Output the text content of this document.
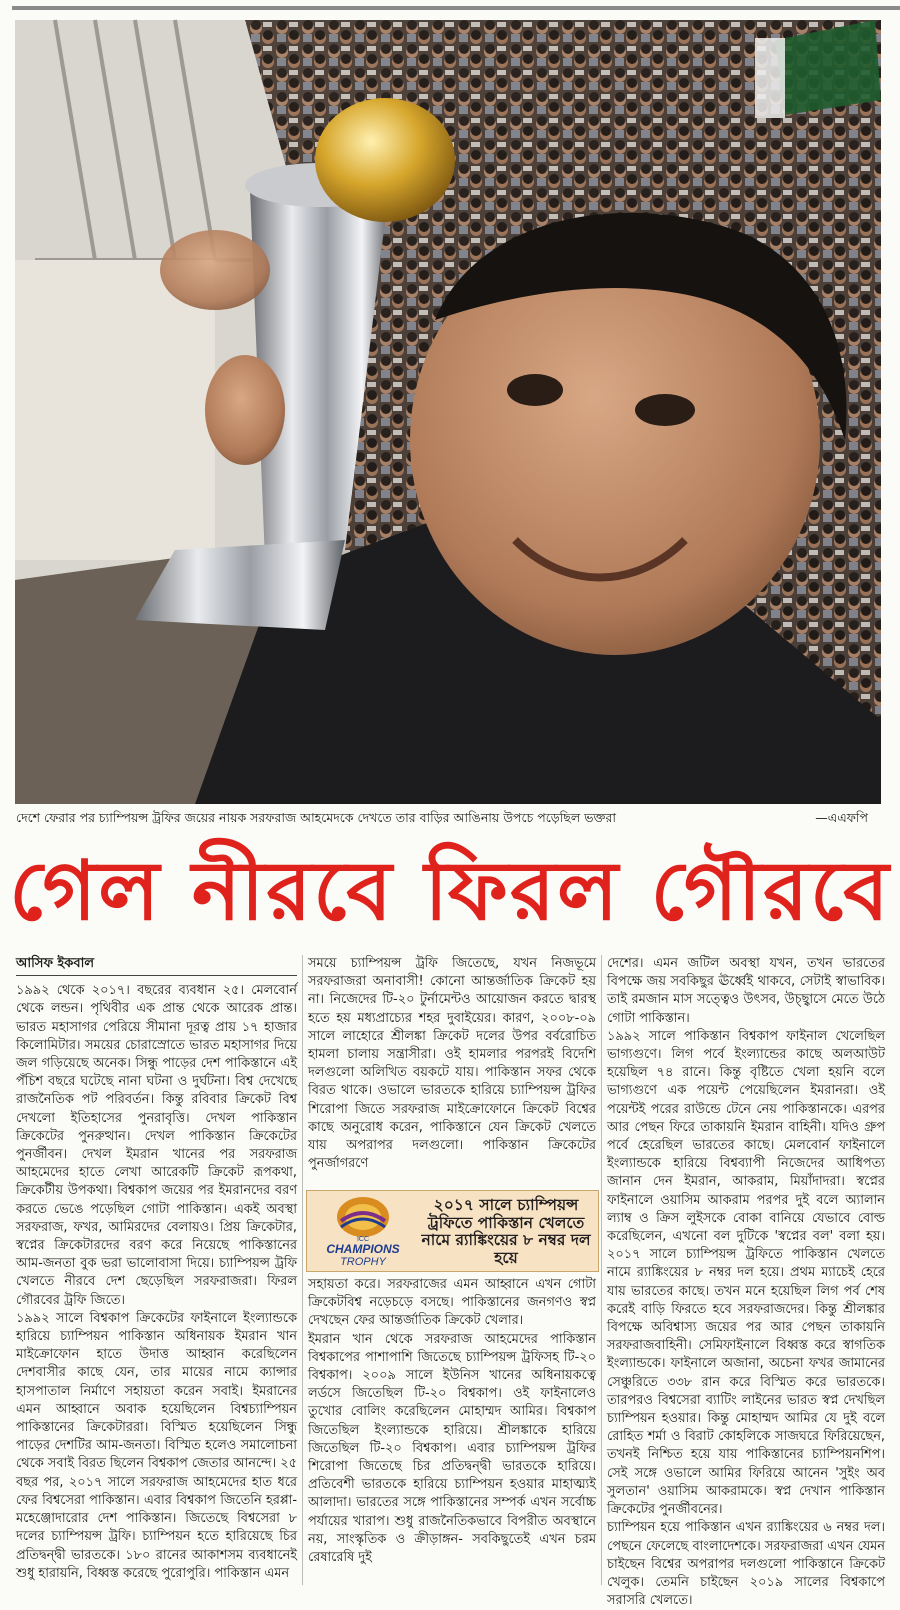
দেশে ফেরার পর চ্যাম্পিয়ন্স ট্রফির জয়ের নায়ক সরফরাজ আহমেদকে দেখতে তার বাড়ির আঙিনায় উপচে পড়েছিল ভক্তরা	—এএফপি
গেল নীরবে ফিরল গৌরবে
আসিফ ইকবাল

১৯৯২ থেকে ২০১৭। বছরের ব্যবধান ২৫। মেলবোর্ন থেকে লন্ডন। পৃথিবীর এক প্রান্ত থেকে আরেক প্রান্ত। ভারত মহাসাগর পেরিয়ে সীমানা দূরত্ব প্রায় ১৭ হাজার কিলোমিটার। সময়ের চোরাস্রোতে ভারত মহাসাগর দিয়ে জল গড়িয়েছে অনেক। সিন্ধু পাড়ের দেশ পাকিস্তানে এই পঁচিশ বছরে ঘটেছে নানা ঘটনা ও দুর্ঘটনা। বিশ্ব দেখেছে রাজনৈতিক পট পরিবর্তন। কিন্তু রবিবার ক্রিকেট বিশ্ব দেখলো ইতিহাসের পুনরাবৃত্তি। দেখল পাকিস্তান ক্রিকেটের পুনরুত্থান। দেখল পাকিস্তান ক্রিকেটের পুনর্জীবন। দেখল ইমরান খানের পর সরফরাজ আহমেদের হাতে লেখা আরেকটি ক্রিকেট রূপকথা, ক্রিকেটীয় উপকথা। বিশ্বকাপ জয়ের পর ইমরানদের বরণ করতে ভেঙে পড়েছিল গোটা পাকিস্তান। একই অবস্থা সরফরাজ, ফখর, আমিরদের বেলায়ও। প্রিয় ক্রিকেটার, স্বপ্নের ক্রিকেটারদের বরণ করে নিয়েছে পাকিস্তানের আম-জনতা বুক ভরা ভালোবাসা দিয়ে। চ্যাম্পিয়ন্স ট্রফি খেলতে নীরবে দেশ ছেড়েছিল সরফরাজরা। ফিরল গৌরবের ট্রফি জিতে।
১৯৯২ সালে বিশ্বকাপ ক্রিকেটের ফাইনালে ইংল্যান্ডকে হারিয়ে চ্যাম্পিয়ন পাকিস্তান অধিনায়ক ইমরান খান মাইক্রোফোন হাতে উদাত্ত আহ্বান করেছিলেন দেশবাসীর কাছে যেন, তার মায়ের নামে ক্যান্সার হাসপাতাল নির্মাণে সহায়তা করেন সবাই। ইমরানের এমন আহ্বানে অবাক হয়েছিলেন বিশ্বচ্যাম্পিয়ন পাকিস্তানের ক্রিকেটাররা। বিস্মিত হয়েছিলেন সিন্ধু পাড়ের দেশটির আম-জনতা। বিস্মিত হলেও সমালোচনা থেকে সবাই বিরত ছিলেন বিশ্বকাপ জেতার আনন্দে। ২৫ বছর পর, ২০১৭ সালে সরফরাজ আহমেদের হাত ধরে ফের বিশ্বসেরা পাকিস্তান। এবার বিশ্বকাপ জিতেনি হরপ্পা-মহেঞ্জোদারোর দেশ পাকিস্তান। জিতেছে বিশ্বসেরা ৮ দলের চ্যাম্পিয়ন্স ট্রফি। চ্যাম্পিয়ন হতে হারিয়েছে চির প্রতিদ্বন্দ্বী ভারতকে। ১৮০ রানের আকাশসম ব্যবধানেই শুধু হারায়নি, বিধ্বস্ত করেছে পুরোপুরি। পাকিস্তান এমন

সময়ে চ্যাম্পিয়ন্স ট্রফি জিতেছে, যখন নিজভূমে সরফরাজরা অনাবাসী! কোনো আন্তর্জাতিক ক্রিকেট হয় না। নিজেদের টি-২০ টুর্নামেন্টও আয়োজন করতে দ্বারস্থ হতে হয় মধ্যপ্রাচ্যের শহর দুবাইয়ের। কারণ, ২০০৮-০৯ সালে লাহোরে শ্রীলঙ্কা ক্রিকেট দলের উপর বর্বরোচিত হামলা চালায় সন্ত্রাসীরা। ওই হামলার পরপরই বিদেশি দলগুলো অলিখিত বয়কটে যায়। পাকিস্তান সফর থেকে বিরত থাকে। ওভালে ভারতকে হারিয়ে চ্যাম্পিয়ন্স ট্রফির শিরোপা জিতে সরফরাজ মাইক্রোফোনে ক্রিকেট বিশ্বের কাছে অনুরোধ করেন, পাকিস্তানে যেন ক্রিকেট খেলতে যায় অপরাপর দলগুলো। পাকিস্তান ক্রিকেটের পুনর্জাগরণে

ICC
CHAMPIONS
TROPHY
২০১৭ সালে চ্যাম্পিয়ন্স ট্রফিতে পাকিস্তান খেলতে নামে র‌্যাঙ্কিংয়ের ৮ নম্বর দল হয়ে

সহায়তা করে। সরফরাজের এমন আহ্বানে এখন গোটা ক্রিকেটবিশ্ব নড়েচড়ে বসছে। পাকিস্তানের জনগণও স্বপ্ন দেখছেন ফের আন্তর্জাতিক ক্রিকেট খেলার।
ইমরান খান থেকে সরফরাজ আহমেদের পাকিস্তান বিশ্বকাপের পাশাপাশি জিতেছে চ্যাম্পিয়ন্স ট্রফিসহ টি-২০ বিশ্বকাপ। ২০০৯ সালে ইউনিস খানের অধিনায়কত্বে লর্ডসে জিতেছিল টি-২০ বিশ্বকাপ। ওই ফাইনালেও তুখোর বোলিং করেছিলেন মোহাম্মদ আমির। বিশ্বকাপ জিতেছিল ইংল্যান্ডকে হারিয়ে। শ্রীলঙ্কাকে হারিয়ে জিতেছিল টি-২০ বিশ্বকাপ। এবার চ্যাম্পিয়ন্স ট্রফির শিরোপা জিতেছে চির প্রতিদ্বন্দ্বী ভারতকে হারিয়ে। প্রতিবেশী ভারতকে হারিয়ে চ্যাম্পিয়ন হওয়ার মাহাত্ম্যই আলাদা। ভারতের সঙ্গে পাকিস্তানের সম্পর্ক এখন সর্বোচ্চ পর্যায়ের খারাপ। শুধু রাজনৈতিকভাবে বিপরীত অবস্থানে নয়, সাংস্কৃতিক ও ক্রীড়াঙ্গন- সবকিছুতেই এখন চরম রেষারেষি দুই

দেশের। এমন জটিল অবস্থা যখন, তখন ভারতের বিপক্ষে জয় সবকিছুর ঊর্ধ্বেই থাকবে, সেটাই স্বাভাবিক। তাই রমজান মাস সত্ত্বেও উৎসব, উচ্ছ্বাসে মেতে উঠে গোটা পাকিস্তান।
১৯৯২ সালে পাকিস্তান বিশ্বকাপ ফাইনাল খেলেছিল ভাগ্যগুণে। লিগ পর্বে ইংল্যান্ডের কাছে অলআউট হয়েছিল ৭৪ রানে। কিন্তু বৃষ্টিতে খেলা হয়নি বলে ভাগ্যগুণে এক পয়েন্ট পেয়েছিলেন ইমরানরা। ওই পয়েন্টই পরের রাউন্ডে টেনে নেয় পাকিস্তানকে। এরপর আর পেছন ফিরে তাকায়নি ইমরান বাহিনী। যদিও গ্রুপ পর্বে হেরেছিল ভারতের কাছে। মেলবোর্ন ফাইনালে ইংল্যান্ডকে হারিয়ে বিশ্বব্যাপী নিজেদের আধিপত্য জানান দেন ইমরান, আকরাম, মিয়াঁদাদরা। স্বপ্নের ফাইনালে ওয়াসিম আকরাম পরপর দুই বলে অ্যালান ল্যাম্ব ও ক্রিস লুইসকে বোকা বানিয়ে যেভাবে বোল্ড করেছিলেন, এখনো বল দুটিকে 'স্বপ্নের বল' বলা হয়। ২০১৭ সালে চ্যাম্পিয়ন্স ট্রফিতে পাকিস্তান খেলতে নামে র‌্যাঙ্কিংয়ের ৮ নম্বর দল হয়ে। প্রথম ম্যাচেই হেরে যায় ভারতের কাছে। তখন মনে হয়েছিল লিগ পর্ব শেষ করেই বাড়ি ফিরতে হবে সরফরাজদের। কিন্তু শ্রীলঙ্কার বিপক্ষে অবিশ্বাস্য জয়ের পর আর পেছন তাকায়নি সরফরাজবাহিনী। সেমিফাইনালে বিধ্বস্ত করে স্বাগতিক ইংল্যান্ডকে। ফাইনালে অজানা, অচেনা ফখর জামানের সেঞ্চুরিতে ৩৩৮ রান করে বিস্মিত করে ভারতকে। তারপরও বিশ্বসেরা ব্যাটিং লাইনের ভারত স্বপ্ন দেখছিল চ্যাম্পিয়ন হওয়ার। কিন্তু মোহাম্মদ আমির যে দুই বলে রোহিত শর্মা ও বিরাট কোহলিকে সাজঘরে ফিরিয়েছেন, তখনই নিশ্চিত হয়ে যায় পাকিস্তানের চ্যাম্পিয়নশিপ। সেই সঙ্গে ওভালে আমির ফিরিয়ে আনেন 'সুইং অব সুলতান' ওয়াসিম আকরামকে। স্বপ্ন দেখান পাকিস্তান ক্রিকেটের পুনর্জীবনের।
চ্যাম্পিয়ন হয়ে পাকিস্তান এখন র‌্যাঙ্কিংয়ের ৬ নম্বর দল। পেছনে ফেলেছে বাংলাদেশকে। সরফরাজরা এখন যেমন চাইছেন বিশ্বের অপরাপর দলগুলো পাকিস্তানে ক্রিকেট খেলুক। তেমনি চাইছেন ২০১৯ সালের বিশ্বকাপে সরাসরি খেলতে।
